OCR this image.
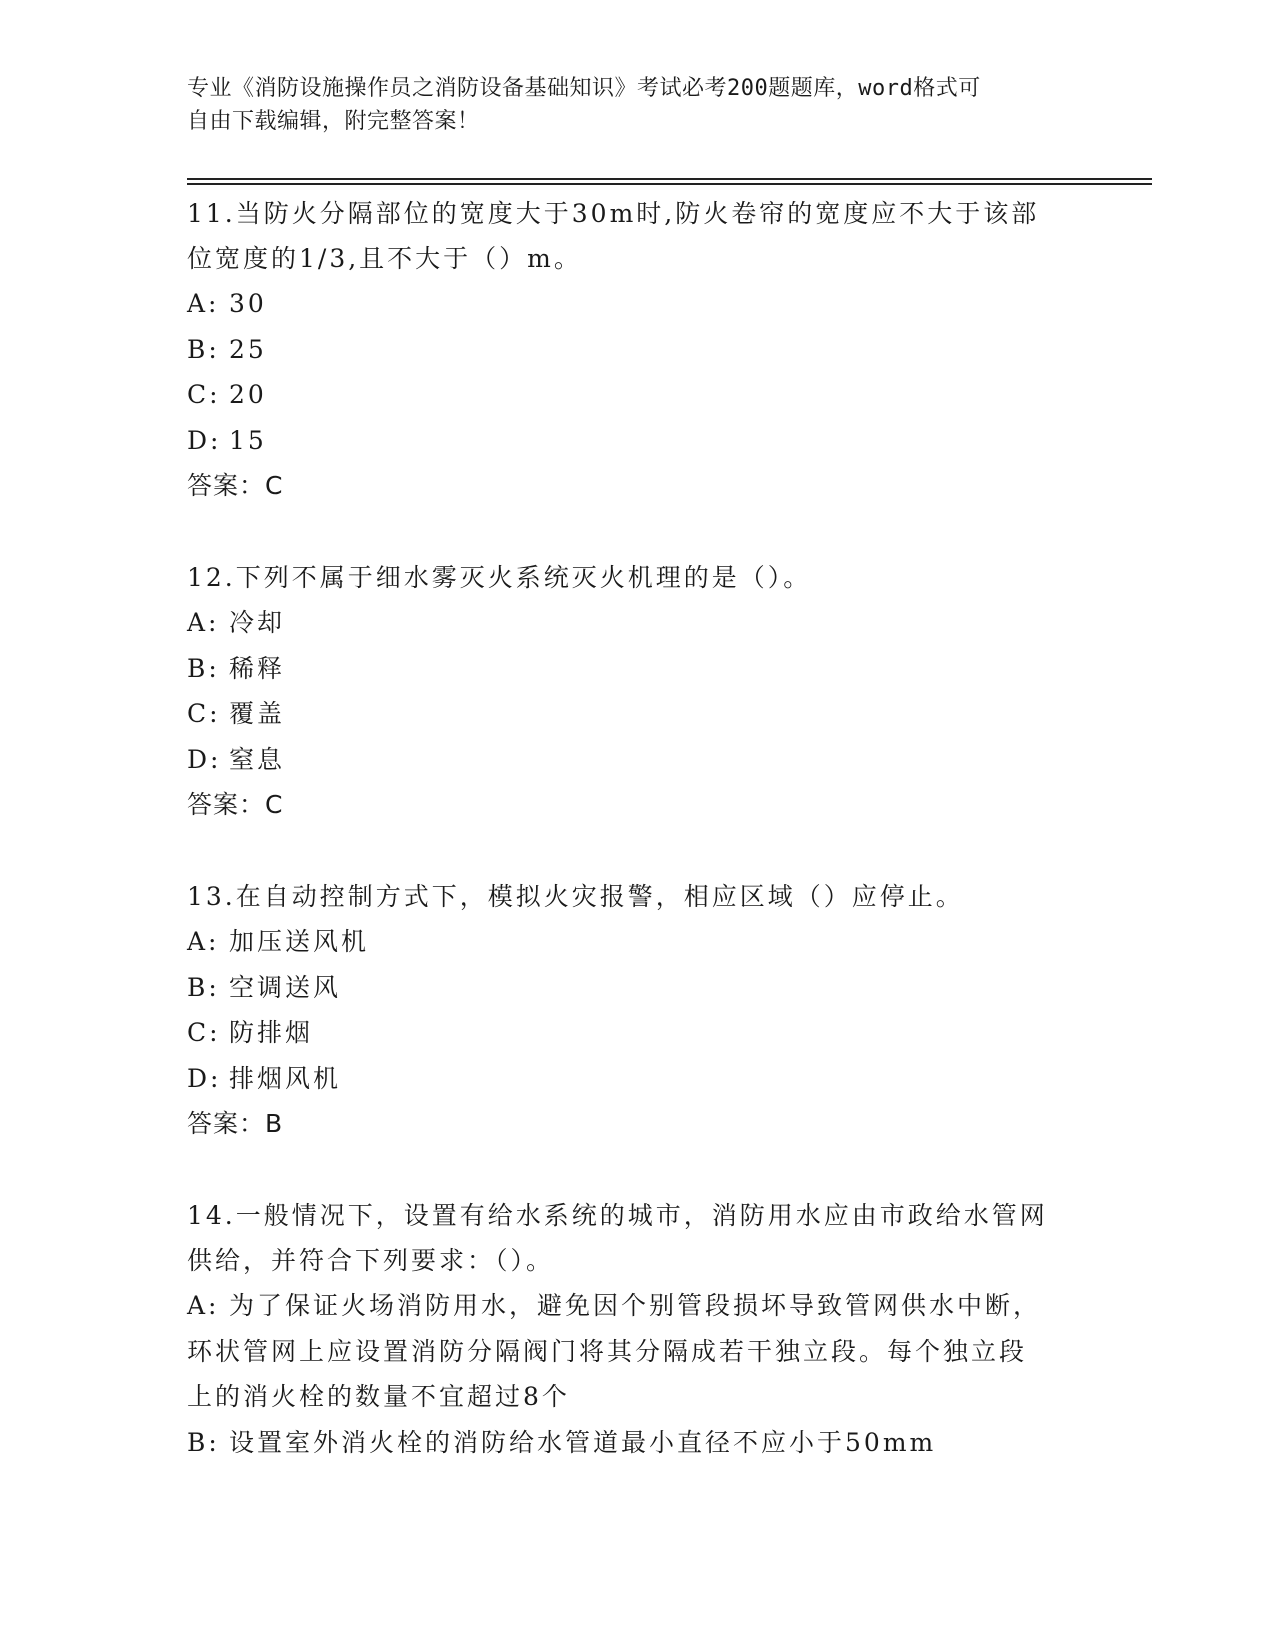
专业《消防设施操作员之消防设备基础知识》考试必考200题题库，word格式可
自由下载编辑，附完整答案！
11.当防火分隔部位的宽度大于30m时,防火卷帘的宽度应不大于该部
位宽度的1/3,且不大于（）m。
A: 30
B: 25
C: 20
D: 15
答案：C
12.下列不属于细水雾灭火系统灭火机理的是（）。
A: 冷却
B: 稀释
C: 覆盖
D: 窒息
答案：C
13.在自动控制方式下，模拟火灾报警，相应区域（）应停止。
A: 加压送风机
B: 空调送风
C: 防排烟
D: 排烟风机
答案：B
14.一般情况下，设置有给水系统的城市，消防用水应由市政给水管网
供给，并符合下列要求：（）。
A: 为了保证火场消防用水，避免因个别管段损坏导致管网供水中断，
环状管网上应设置消防分隔阀门将其分隔成若干独立段。每个独立段
上的消火栓的数量不宜超过8个
B: 设置室外消火栓的消防给水管道最小直径不应小于50mm
